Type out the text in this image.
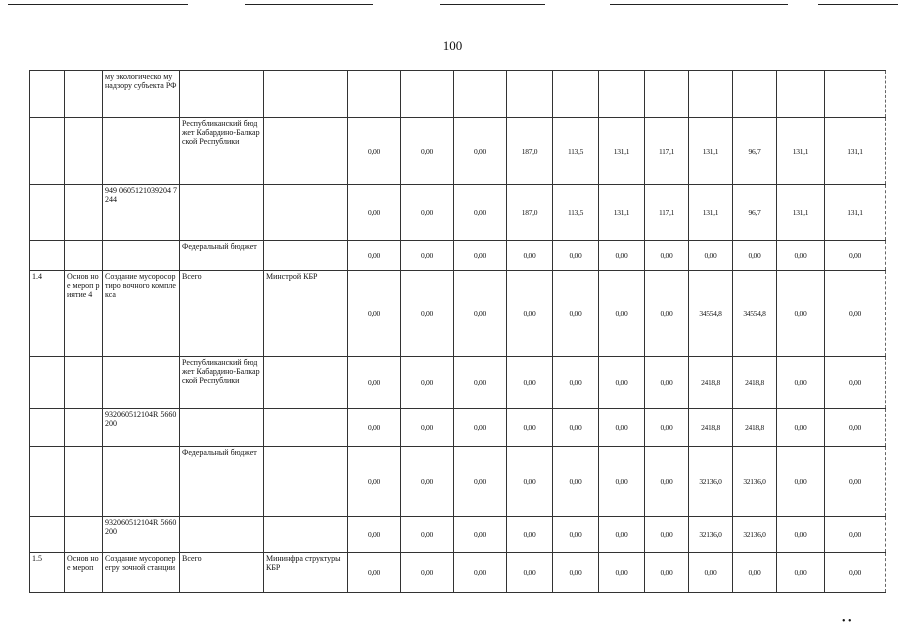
100
		му экологическо му надзору субъекта РФ													
			Республиканский бюджет Кабардино-Балкарской Республики		0,00	0,00	0,00	187,0	113,5	131,1	117,1	131,1	96,7	131,1	131,1
		949 0605121039204 7244			0,00	0,00	0,00	187,0	113,5	131,1	117,1	131,1	96,7	131,1	131,1
			Федеральный бюджет		0,00	0,00	0,00	0,00	0,00	0,00	0,00	0,00	0,00	0,00	0,00
1.4	Основ ное мероп риятие 4	Создание мусоросортиро вочного комплекса	Всего	Минстрой КБР	0,00	0,00	0,00	0,00	0,00	0,00	0,00	34554,8	34554,8	0,00	0,00
			Республиканский бюджет Кабардино-Балкарской Республики		0,00	0,00	0,00	0,00	0,00	0,00	0,00	2418,8	2418,8	0,00	0,00
		932060512104R 5660200			0,00	0,00	0,00	0,00	0,00	0,00	0,00	2418,8	2418,8	0,00	0,00
			Федеральный бюджет		0,00	0,00	0,00	0,00	0,00	0,00	0,00	32136,0	32136,0	0,00	0,00
		932060512104R 5660200			0,00	0,00	0,00	0,00	0,00	0,00	0,00	32136,0	32136,0	0,00	0,00
1.5	Основ ное мероп	Создание мусороперегру зочной станции	Всего	Мининфра структуры КБР	0,00	0,00	0,00	0,00	0,00	0,00	0,00	0,00	0,00	0,00	0,00
• •
